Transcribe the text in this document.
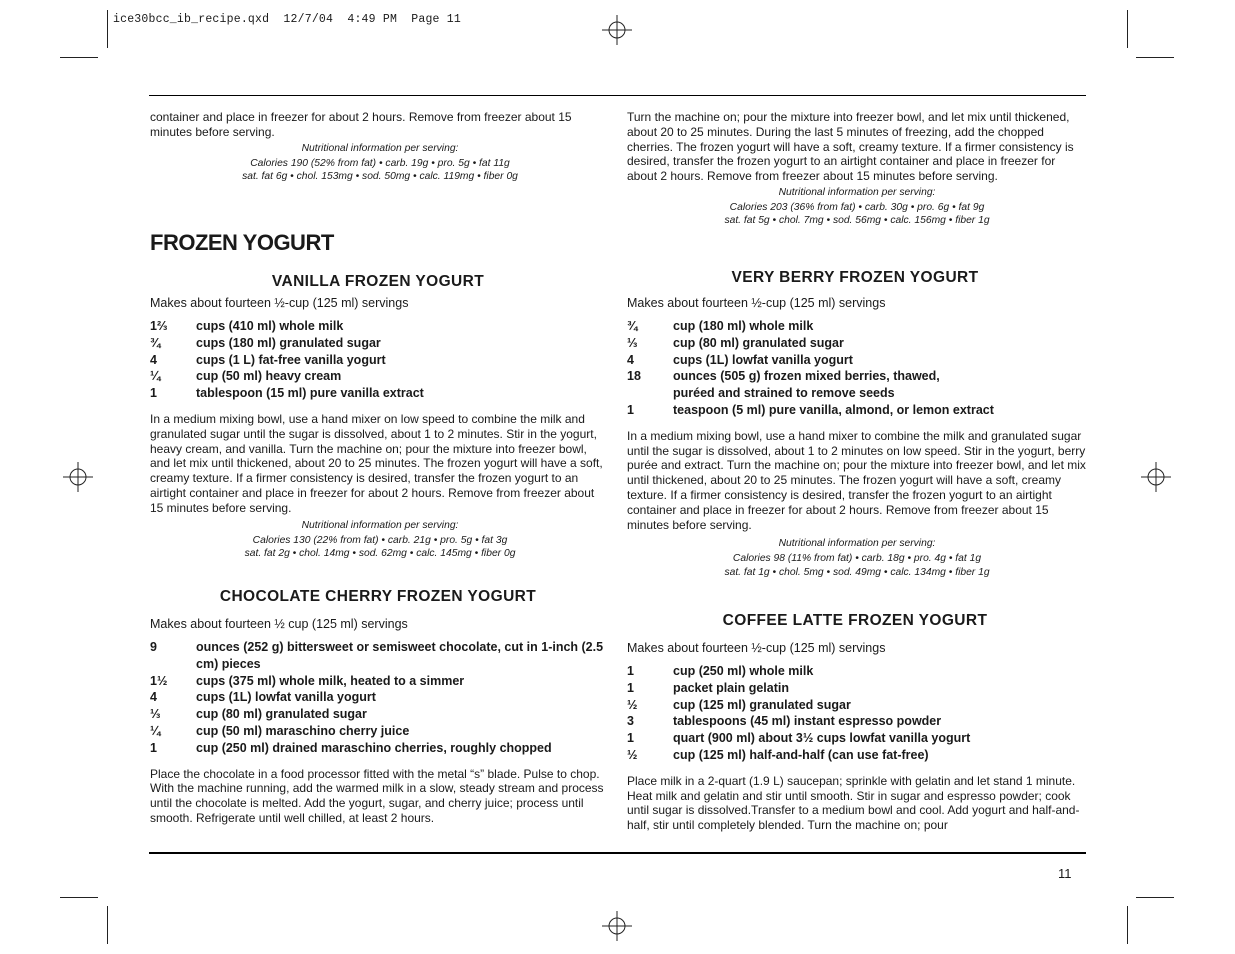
ice30bcc_ib_recipe.qxd  12/7/04  4:49 PM  Page 11

container and place in freezer for about 2 hours. Remove from freezer about 15 minutes before serving.

Nutritional information per serving:

Calories 190 (52% from fat) • carb. 19g • pro. 5g • fat 11g

sat. fat 6g • chol. 153mg • sod. 50mg • calc. 119mg • fiber 0g

FROZEN YOGURT
VANILLA FROZEN YOGURT

Makes about fourteen ½-cup (125 ml) servings

1⅔	cups (410 ml) whole milk
¾	cups (180 ml) granulated sugar
4	cups (1 L) fat-free vanilla yogurt
¼	cup (50 ml) heavy cream
1	tablespoon (15 ml) pure vanilla extract

In a medium mixing bowl, use a hand mixer on low speed to combine the milk and granulated sugar until the sugar is dissolved, about 1 to 2 minutes. Stir in the yogurt, heavy cream, and vanilla. Turn the machine on; pour the mixture into freezer bowl, and let mix until thickened, about 20 to 25 minutes. The frozen yogurt will have a soft, creamy texture. If a firmer consistency is desired, transfer the frozen yogurt to an airtight container and place in freezer for about 2 hours. Remove from freezer about 15 minutes before serving.

Nutritional information per serving:

Calories 130 (22% from fat) • carb. 21g • pro. 5g • fat 3g

sat. fat 2g • chol. 14mg • sod. 62mg • calc. 145mg • fiber 0g

CHOCOLATE CHERRY FROZEN YOGURT

Makes about fourteen ½ cup (125 ml) servings

9	ounces (252 g) bittersweet or semisweet chocolate, cut in 1-inch (2.5 cm) pieces
1½	cups (375 ml) whole milk, heated to a simmer
4	cups (1L) lowfat vanilla yogurt
⅓	cup (80 ml) granulated sugar
¼	cup (50 ml) maraschino cherry juice
1	cup (250 ml) drained maraschino cherries, roughly chopped

Place the chocolate in a food processor fitted with the metal “s” blade. Pulse to chop. With the machine running, add the warmed milk in a slow, steady stream and process until the chocolate is melted. Add the yogurt, sugar, and cherry juice; process until smooth. Refrigerate until well chilled, at least 2 hours.

Turn the machine on; pour the mixture into freezer bowl, and let mix until thickened, about 20 to 25 minutes. During the last 5 minutes of freezing, add the chopped cherries. The frozen yogurt will have a soft, creamy texture. If a firmer consistency is desired, transfer the frozen yogurt to an airtight container and place in freezer for about 2 hours. Remove from freezer about 15 minutes before serving.

Nutritional information per serving:

Calories 203 (36% from fat) • carb. 30g • pro. 6g • fat 9g

sat. fat 5g • chol. 7mg • sod. 56mg • calc. 156mg • fiber 1g

VERY BERRY FROZEN YOGURT

Makes about fourteen ½-cup (125 ml) servings

¾	cup (180 ml) whole milk
⅓	cup (80 ml) granulated sugar
4	cups (1L) lowfat vanilla yogurt
18	ounces (505 g) frozen mixed berries, thawed, puréed and strained to remove seeds
1	teaspoon (5 ml) pure vanilla, almond, or lemon extract

In a medium mixing bowl, use a hand mixer to combine the milk and granulated sugar until the sugar is dissolved, about 1 to 2 minutes on low speed. Stir in the yogurt, berry purée and extract. Turn the machine on; pour the mixture into freezer bowl, and let mix until thickened, about 20 to 25 minutes. The frozen yogurt will have a soft, creamy texture. If a firmer consistency is desired, transfer the frozen yogurt to an airtight container and place in freezer for about 2 hours. Remove from freezer about 15 minutes before serving.

Nutritional information per serving:

Calories 98 (11% from fat) • carb. 18g • pro. 4g • fat 1g

sat. fat 1g • chol. 5mg • sod. 49mg • calc. 134mg • fiber 1g

COFFEE LATTE FROZEN YOGURT

Makes about fourteen ½-cup (125 ml) servings

1	cup (250 ml) whole milk
1	packet plain gelatin
½	cup (125 ml) granulated sugar
3	tablespoons (45 ml) instant espresso powder
1	quart (900 ml) about 3½ cups lowfat vanilla yogurt
½	cup (125 ml) half-and-half (can use fat-free)

Place milk in a 2-quart (1.9 L) saucepan; sprinkle with gelatin and let stand 1 minute. Heat milk and gelatin and stir until smooth. Stir in sugar and espresso powder; cook until sugar is dissolved.Transfer to a medium bowl and cool. Add yogurt and half-and-half, stir until completely blended. Turn the machine on; pour

11
